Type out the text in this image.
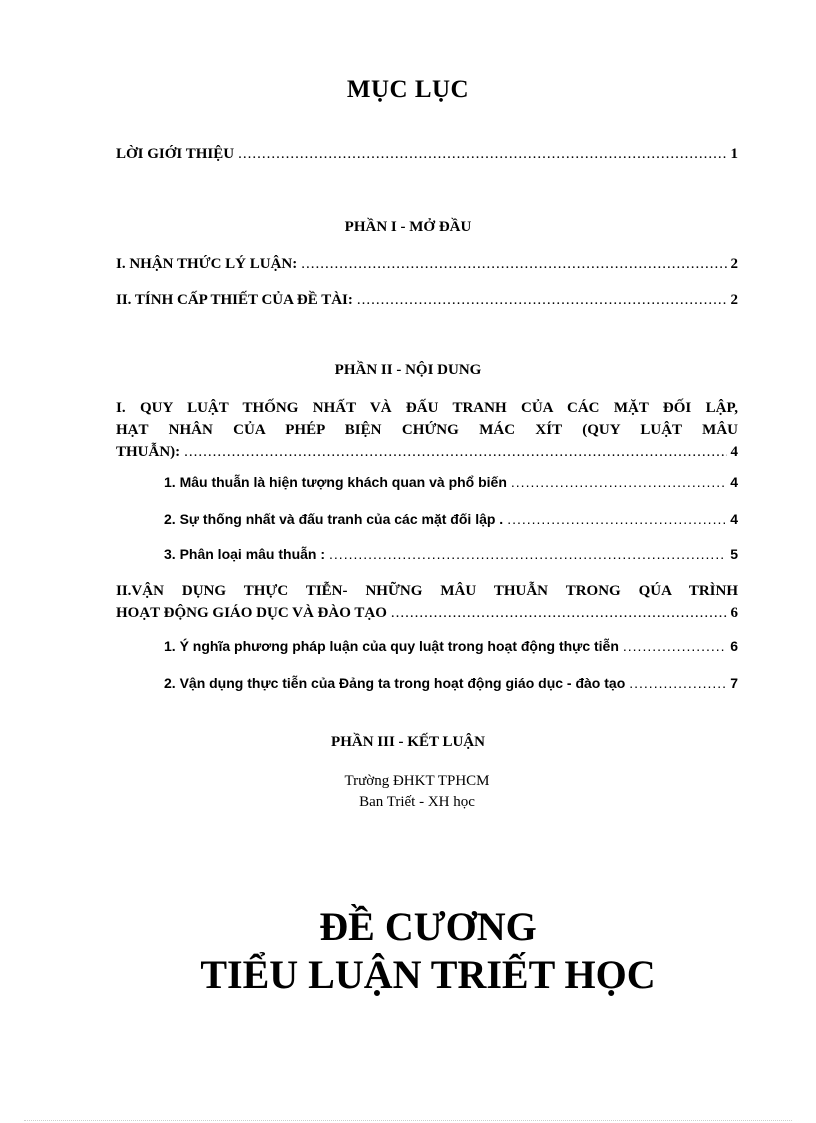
MỤC LỤC
LỜI GIỚI THIỆU .....	1
PHẦN I - MỞ ĐẦU
I. NHẬN THỨC LÝ LUẬN: .....	2
II. TÍNH CẤP THIẾT CỦA ĐỀ TÀI: .....	2
PHẦN II - NỘI DUNG
I. QUY LUẬT THỐNG NHẤT VÀ ĐẤU TRANH CỦA CÁC MẶT ĐỐI LẬP,
HẠT NHÂN CỦA PHÉP BIỆN CHỨNG MÁC XÍT (QUY LUẬT MÂU
THUẪN): .....	4
1. Mâu thuẫn là hiện tượng khách quan và phổ biến .....	4
2. Sự thống nhất và đấu tranh của các mặt đối lập . .....	4
3. Phân loại mâu thuẫn : .....	5
II.VẬN DỤNG THỰC TIỄN- NHỮNG MÂU THUẪN TRONG QÚA TRÌNH
HOẠT ĐỘNG GIÁO DỤC VÀ ĐÀO TẠO .....	6
1. Ý nghĩa phương pháp luận của quy luật trong hoạt động thực tiễn .....	6
2. Vận dụng thực tiễn của Đảng ta trong hoạt động giáo dục - đào tạo .....	7
PHẦN III - KẾT LUẬN
Trường ĐHKT TPHCM
Ban Triết - XH học
ĐỀ CƯƠNG
TIỂU LUẬN TRIẾT HỌC
